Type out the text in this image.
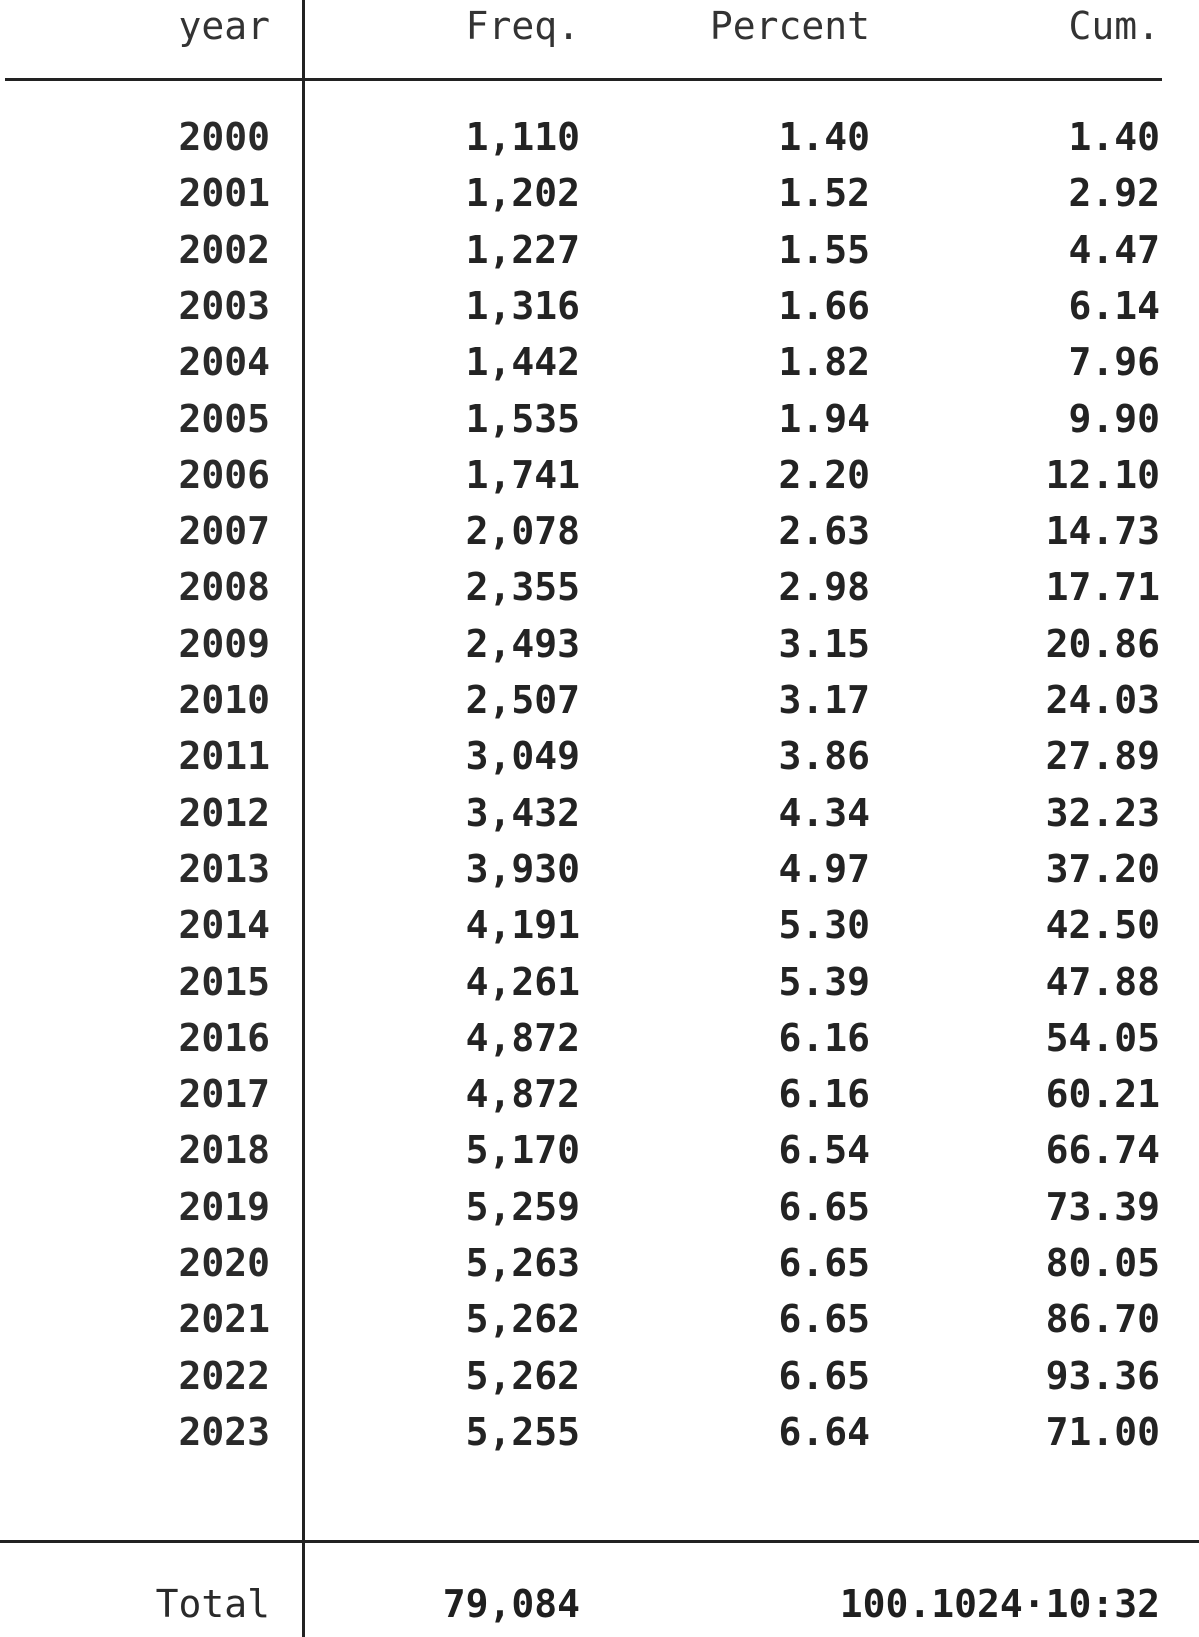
year	Freq.	Percent	Cum.
2000	1,110	1.40	1.40
2001	1,202	1.52	2.92
2002	1,227	1.55	4.47
2003	1,316	1.66	6.14
2004	1,442	1.82	7.96
2005	1,535	1.94	9.90
2006	1,741	2.20	12.10
2007	2,078	2.63	14.73
2008	2,355	2.98	17.71
2009	2,493	3.15	20.86
2010	2,507	3.17	24.03
2011	3,049	3.86	27.89
2012	3,432	4.34	32.23
2013	3,930	4.97	37.20
2014	4,191	5.30	42.50
2015	4,261	5.39	47.88
2016	4,872	6.16	54.05
2017	4,872	6.16	60.21
2018	5,170	6.54	66.74
2019	5,259	6.65	73.39
2020	5,263	6.65	80.05
2021	5,262	6.65	86.70
2022	5,262	6.65	93.36
2023	5,255	6.64	71.00
Total	79,084	100.1024·10:32
